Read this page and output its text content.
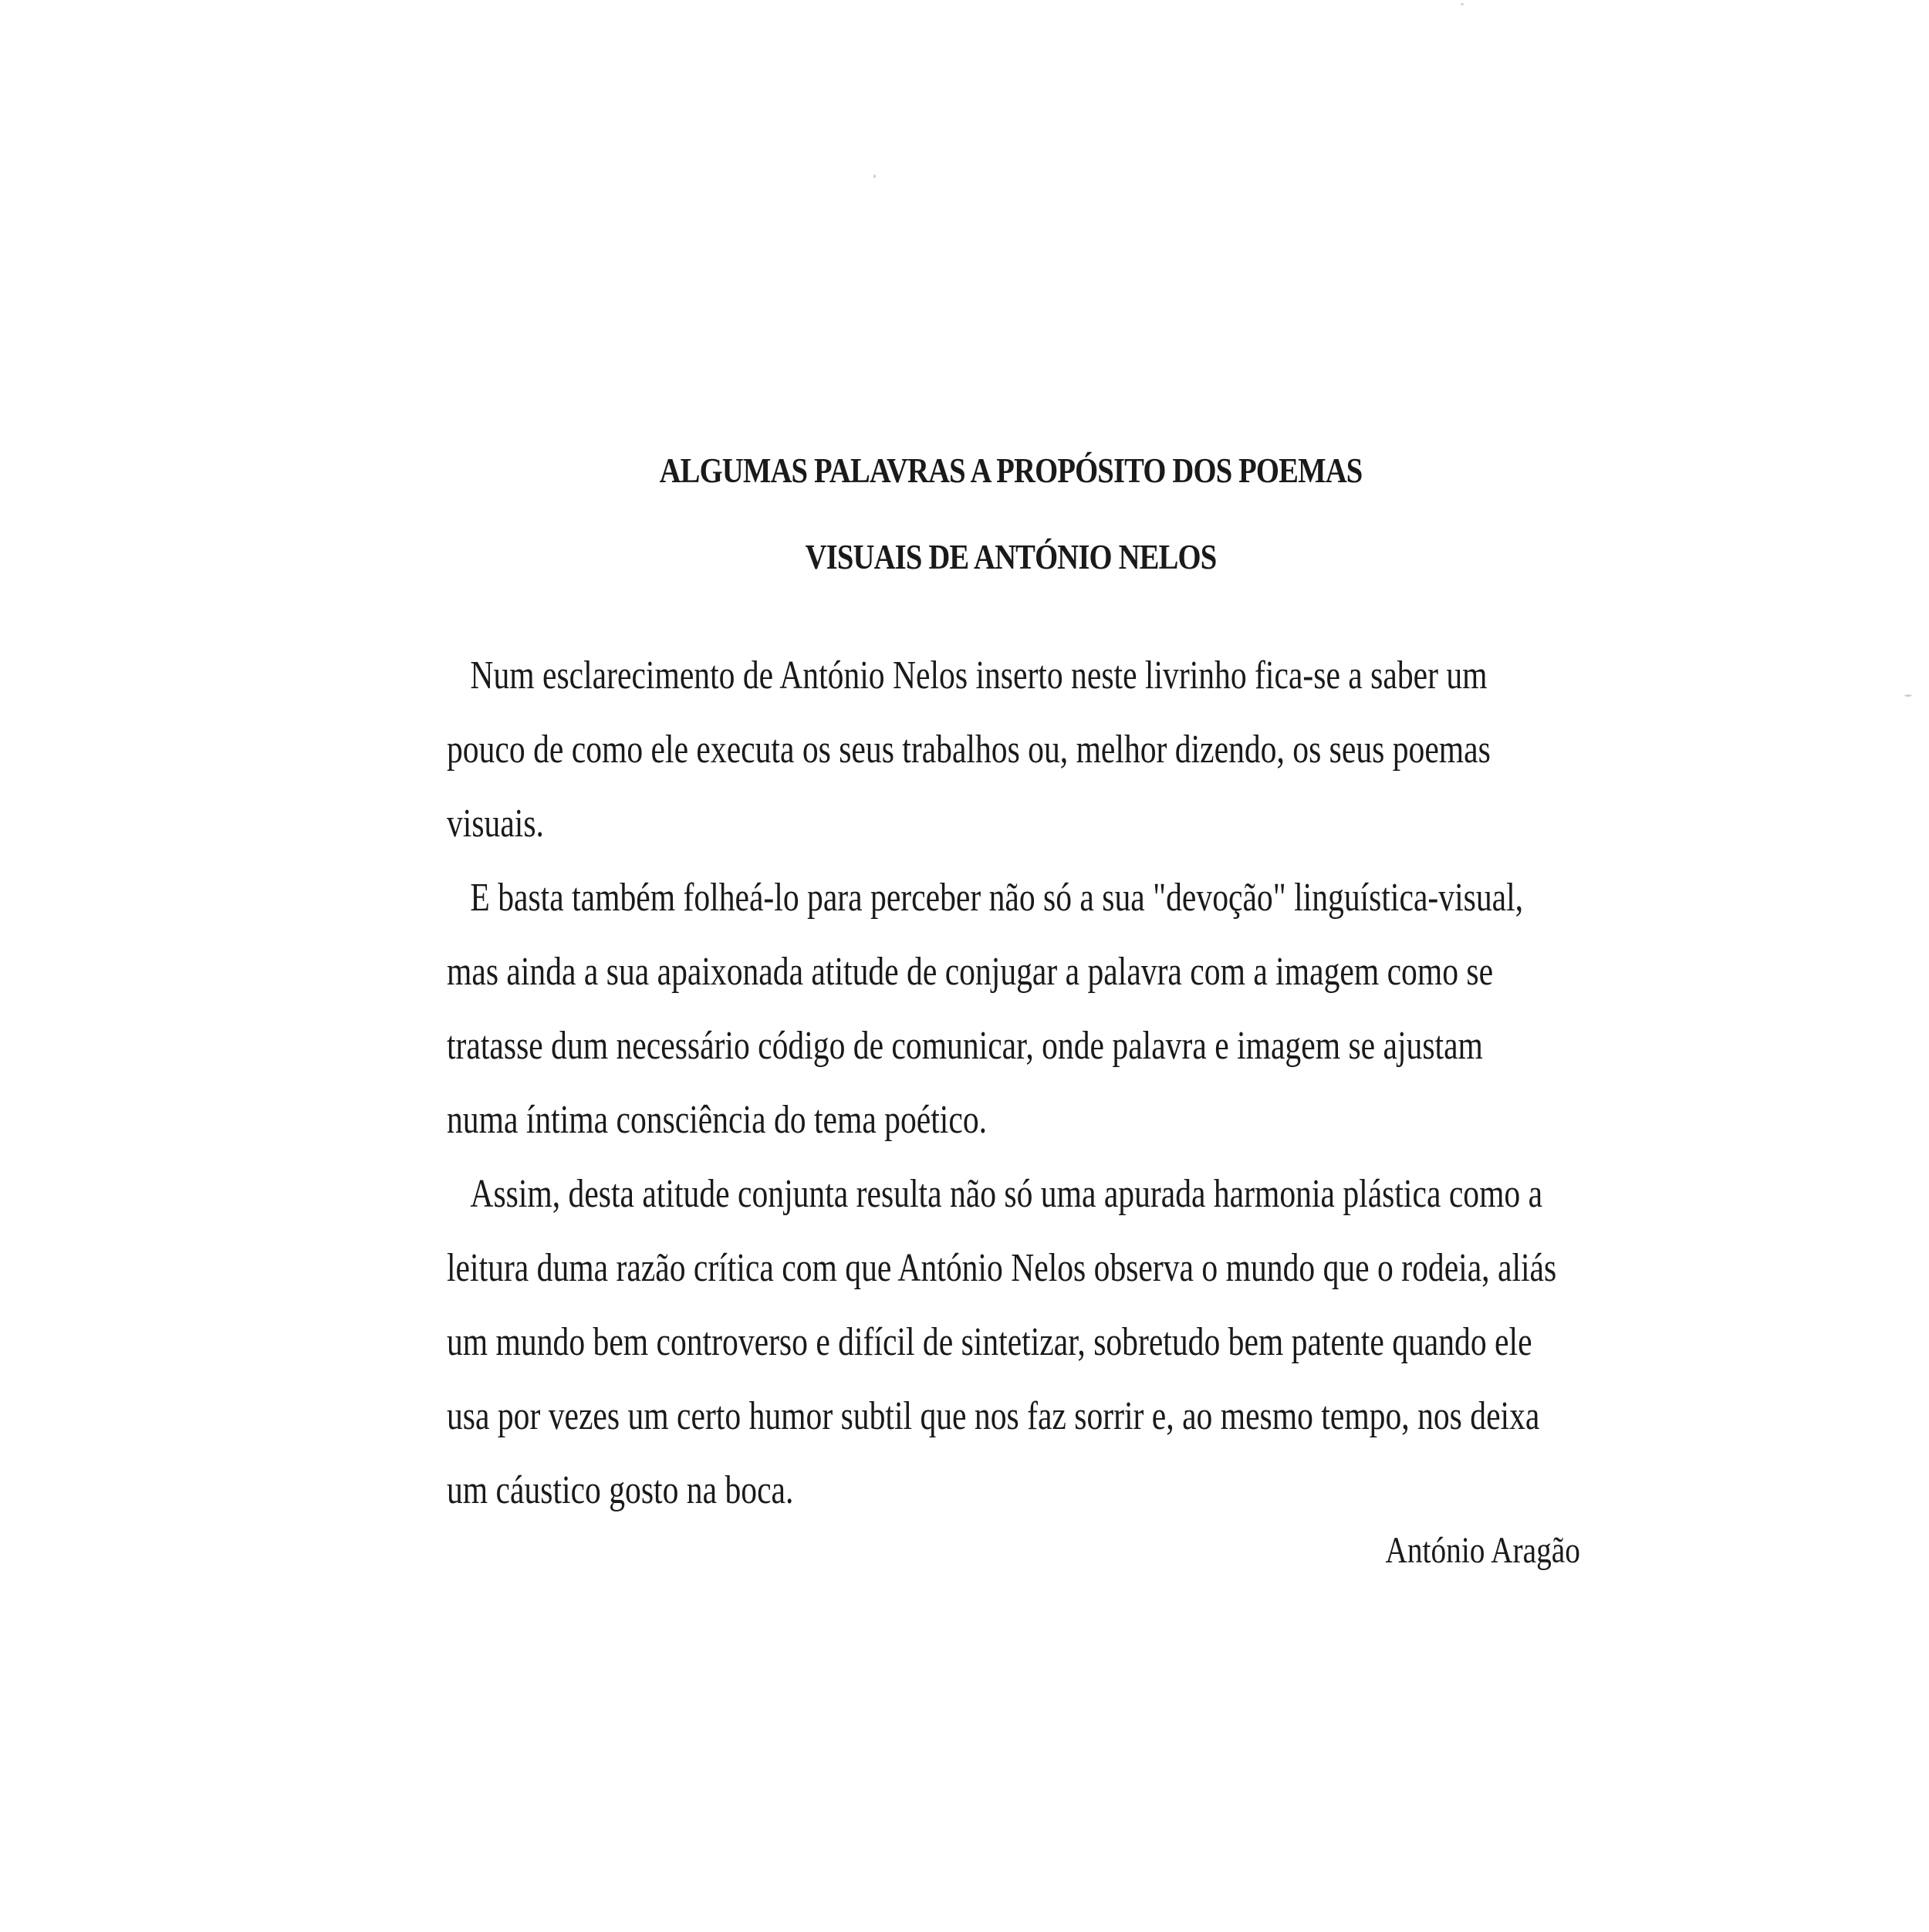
ALGUMAS PALAVRAS A PROPÓSITO DOS POEMAS
VISUAIS DE ANTÓNIO NELOS
Num esclarecimento de António Nelos inserto neste livrinho fica-se a saber um
pouco de como ele executa os seus trabalhos ou, melhor dizendo, os seus poemas
visuais.
E basta também folheá-lo para perceber não só a sua "devoção" linguística-visual,
mas ainda a sua apaixonada atitude de conjugar a palavra com a imagem como se
tratasse dum necessário código de comunicar, onde palavra e imagem se ajustam
numa íntima consciência do tema poético.
Assim, desta atitude conjunta resulta não só uma apurada harmonia plástica como a
leitura duma razão crítica com que António Nelos observa o mundo que o rodeia, aliás
um mundo bem controverso e difícil de sintetizar, sobretudo bem patente quando ele
usa por vezes um certo humor subtil que nos faz sorrir e, ao mesmo tempo, nos deixa
um cáustico gosto na boca.
António Aragão
